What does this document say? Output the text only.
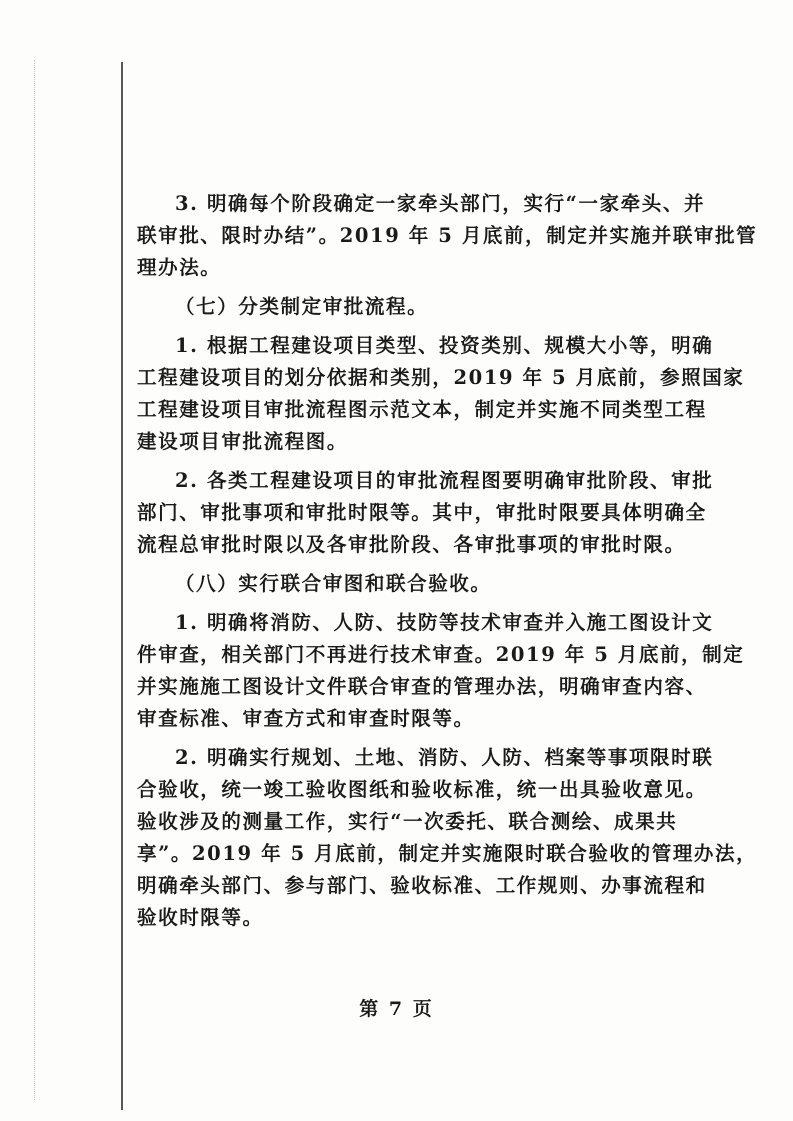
3. 明确每个阶段确定一家牵头部门，实行“一家牵头、并
联审批、限时办结”。2019 年 5 月底前，制定并实施并联审批管
理办法。
（七）分类制定审批流程。
1. 根据工程建设项目类型、投资类别、规模大小等，明确
工程建设项目的划分依据和类别，2019 年 5 月底前，参照国家
工程建设项目审批流程图示范文本，制定并实施不同类型工程
建设项目审批流程图。
2. 各类工程建设项目的审批流程图要明确审批阶段、审批
部门、审批事项和审批时限等。其中，审批时限要具体明确全
流程总审批时限以及各审批阶段、各审批事项的审批时限。
（八）实行联合审图和联合验收。
1. 明确将消防、人防、技防等技术审查并入施工图设计文
件审查，相关部门不再进行技术审查。2019 年 5 月底前，制定
并实施施工图设计文件联合审查的管理办法，明确审查内容、
审查标准、审查方式和审查时限等。
2. 明确实行规划、土地、消防、人防、档案等事项限时联
合验收，统一竣工验收图纸和验收标准，统一出具验收意见。
验收涉及的测量工作，实行“一次委托、联合测绘、成果共
享”。2019 年 5 月底前，制定并实施限时联合验收的管理办法，
明确牵头部门、参与部门、验收标准、工作规则、办事流程和
验收时限等。
第 7 页
